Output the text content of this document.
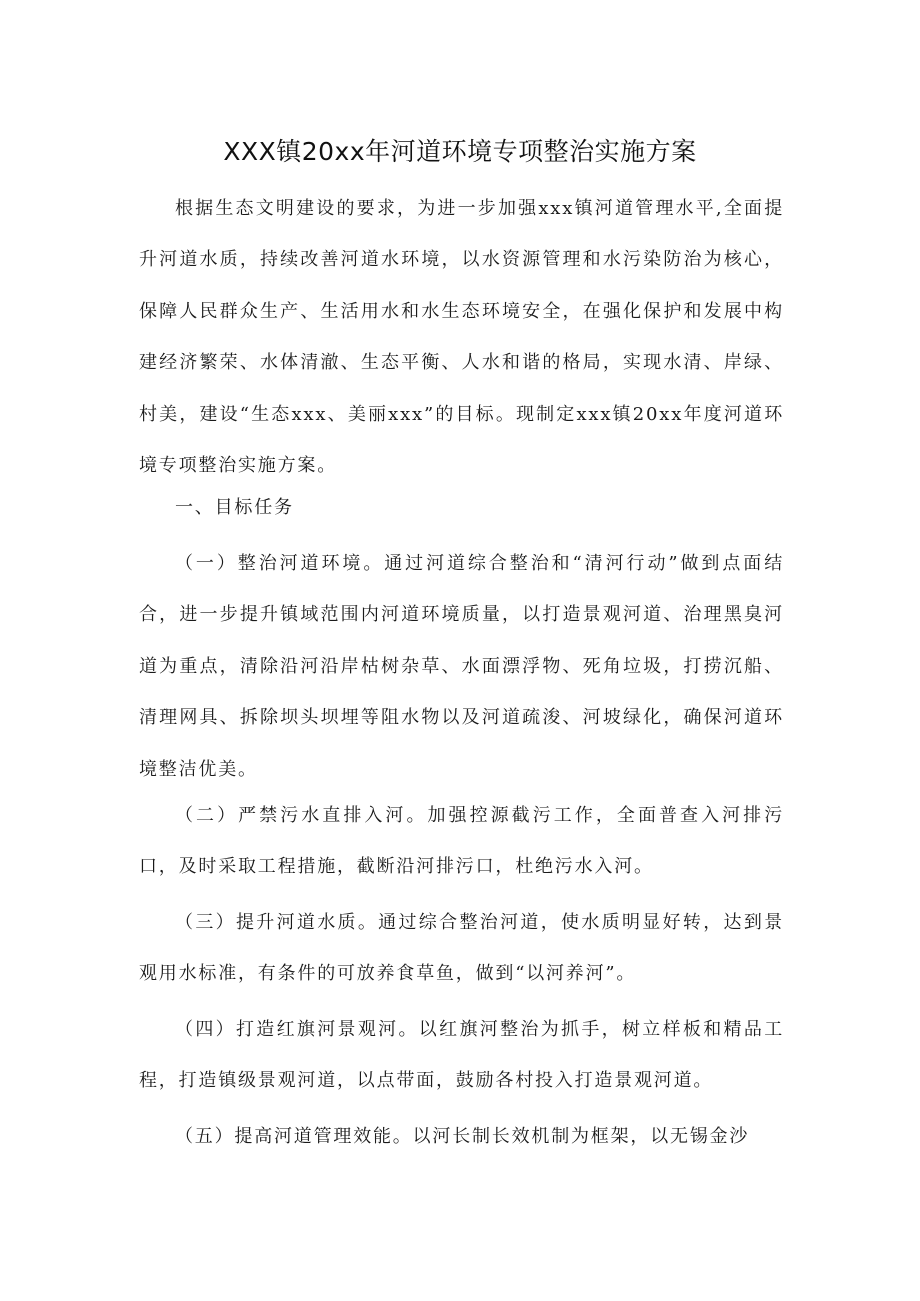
XXX镇20xx年河道环境专项整治实施方案

根据生态文明建设的要求，为进一步加强xxx镇河道管理水平,全面提升河道水质，持续改善河道水环境，以水资源管理和水污染防治为核心，保障人民群众生产、生活用水和水生态环境安全，在强化保护和发展中构建经济繁荣、水体清澈、生态平衡、人水和谐的格局，实现水清、岸绿、村美，建设“生态xxx、美丽xxx”的目标。现制定xxx镇20xx年度河道环境专项整治实施方案。

一、目标任务

（一）整治河道环境。通过河道综合整治和“清河行动”做到点面结合，进一步提升镇域范围内河道环境质量，以打造景观河道、治理黑臭河道为重点，清除沿河沿岸枯树杂草、水面漂浮物、死角垃圾，打捞沉船、清理网具、拆除坝头坝埋等阻水物以及河道疏浚、河坡绿化，确保河道环境整洁优美。

（二）严禁污水直排入河。加强控源截污工作，全面普查入河排污口，及时采取工程措施，截断沿河排污口，杜绝污水入河。

（三）提升河道水质。通过综合整治河道，使水质明显好转，达到景观用水标准，有条件的可放养食草鱼，做到“以河养河”。

（四）打造红旗河景观河。以红旗河整治为抓手，树立样板和精品工程，打造镇级景观河道，以点带面，鼓励各村投入打造景观河道。

（五）提高河道管理效能。以河长制长效机制为框架，以无锡金沙
